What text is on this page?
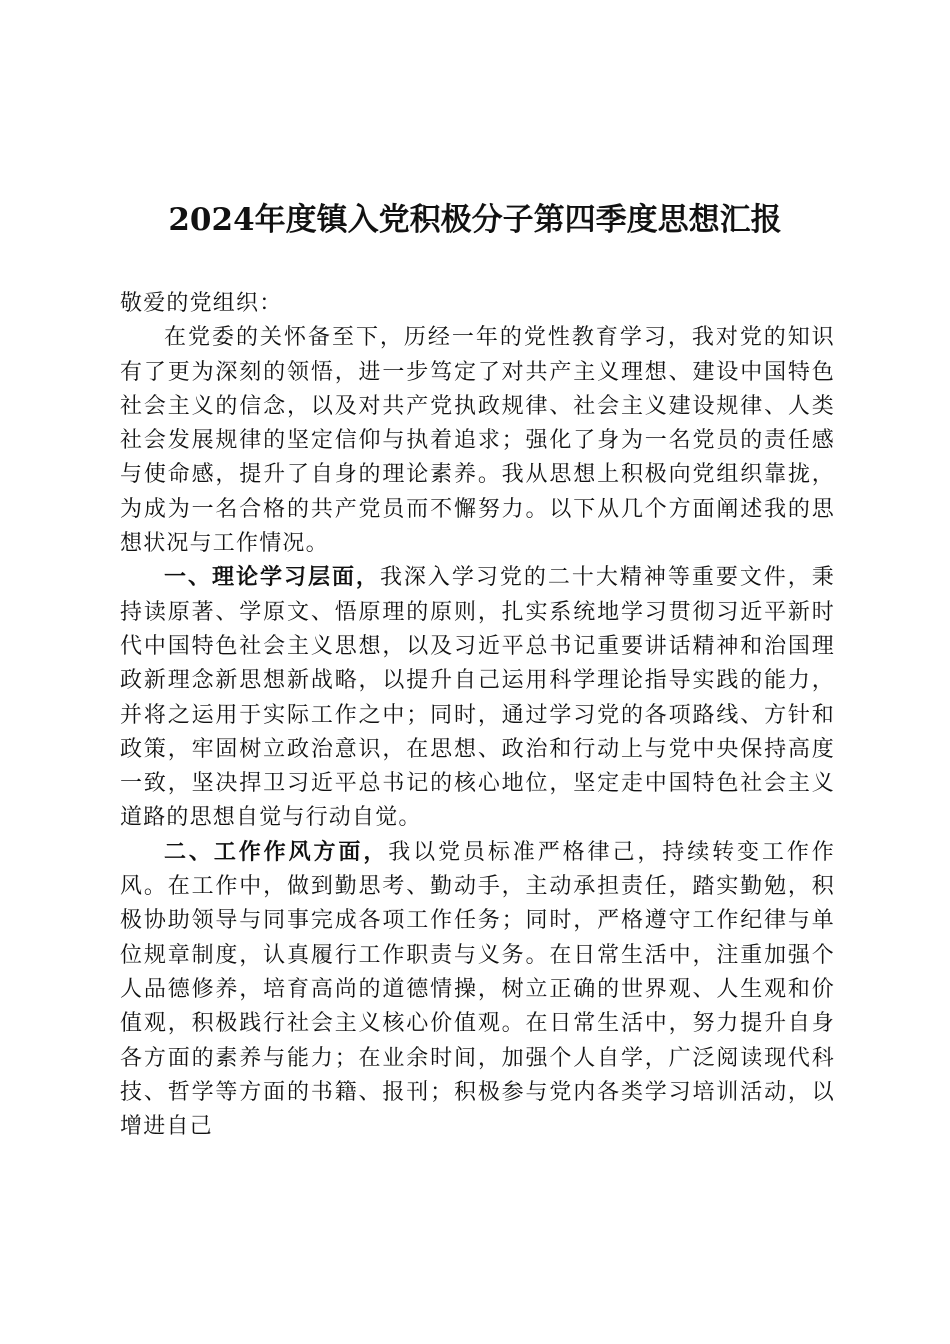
2024年度镇入党积极分子第四季度思想汇报

敬爱的党组织：

在党委的关怀备至下，历经一年的党性教育学习，我对党的知识有了更为深刻的领悟，进一步笃定了对共产主义理想、建设中国特色社会主义的信念，以及对共产党执政规律、社会主义建设规律、人类社会发展规律的坚定信仰与执着追求；强化了身为一名党员的责任感与使命感，提升了自身的理论素养。我从思想上积极向党组织靠拢，为成为一名合格的共产党员而不懈努力。以下从几个方面阐述我的思想状况与工作情况。

一、理论学习层面，我深入学习党的二十大精神等重要文件，秉持读原著、学原文、悟原理的原则，扎实系统地学习贯彻习近平新时代中国特色社会主义思想，以及习近平总书记重要讲话精神和治国理政新理念新思想新战略，以提升自己运用科学理论指导实践的能力，并将之运用于实际工作之中；同时，通过学习党的各项路线、方针和政策，牢固树立政治意识，在思想、政治和行动上与党中央保持高度一致，坚决捍卫习近平总书记的核心地位，坚定走中国特色社会主义道路的思想自觉与行动自觉。

二、工作作风方面，我以党员标准严格律己，持续转变工作作风。在工作中，做到勤思考、勤动手，主动承担责任，踏实勤勉，积极协助领导与同事完成各项工作任务；同时，严格遵守工作纪律与单位规章制度，认真履行工作职责与义务。在日常生活中，注重加强个人品德修养，培育高尚的道德情操，树立正确的世界观、人生观和价值观，积极践行社会主义核心价值观。在日常生活中，努力提升自身各方面的素养与能力；在业余时间，加强个人自学，广泛阅读现代科技、哲学等方面的书籍、报刊；积极参与党内各类学习培训活动，以增进自己
